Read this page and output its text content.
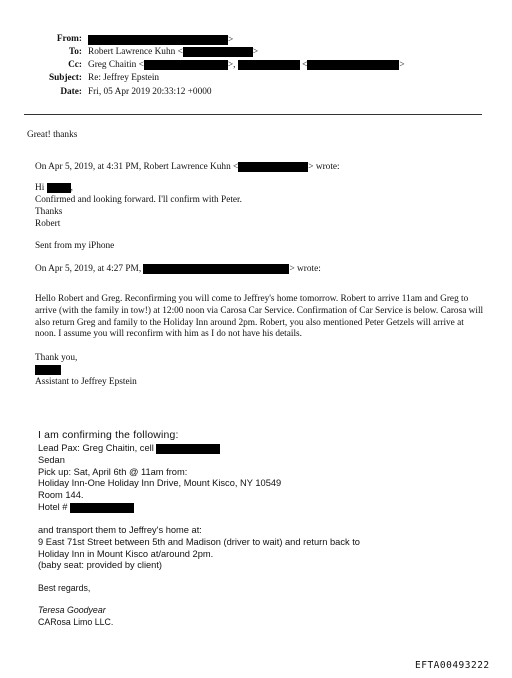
From:	>
To: Robert Lawrence Kuhn <	>
Cc: Greg Chaitin <	>,	<	>
Subject: Re: Jeffrey Epstein
Date: Fri, 05 Apr 2019 20:33:12 +0000
Great! thanks
On Apr 5, 2019, at 4:31 PM, Robert Lawrence Kuhn <	> wrote:
Hi	,
Confirmed and looking forward. I'll confirm with Peter.
Thanks
Robert
Sent from my iPhone
On Apr 5, 2019, at 4:27 PM,	> wrote:
Hello Robert and Greg. Reconfirming you will come to Jeffrey's home tomorrow. Robert to arrive 11am and Greg to arrive (with the family in tow!) at 12:00 noon via Carosa Car Service. Confirmation of Car Service is below. Carosa will also return Greg and family to the Holiday Inn around 2pm. Robert, you also mentioned Peter Getzels will arrive at noon. I assume you will reconfirm with him as I do not have his details.
Thank you,
Assistant to Jeffrey Epstein
I am confirming the following:
Lead Pax: Greg Chaitin, cell
Sedan
Pick up: Sat, April 6th @ 11am from:
Holiday Inn-One Holiday Inn Drive, Mount Kisco, NY 10549
Room 144.
Hotel #
and transport them to Jeffrey's home at:
9 East 71st Street between 5th and Madison (driver to wait) and return back to
Holiday Inn in Mount Kisco at/around 2pm.
(baby seat: provided by client)
Best regards,
Teresa Goodyear
CARosa Limo LLC.
EFTA00493222
